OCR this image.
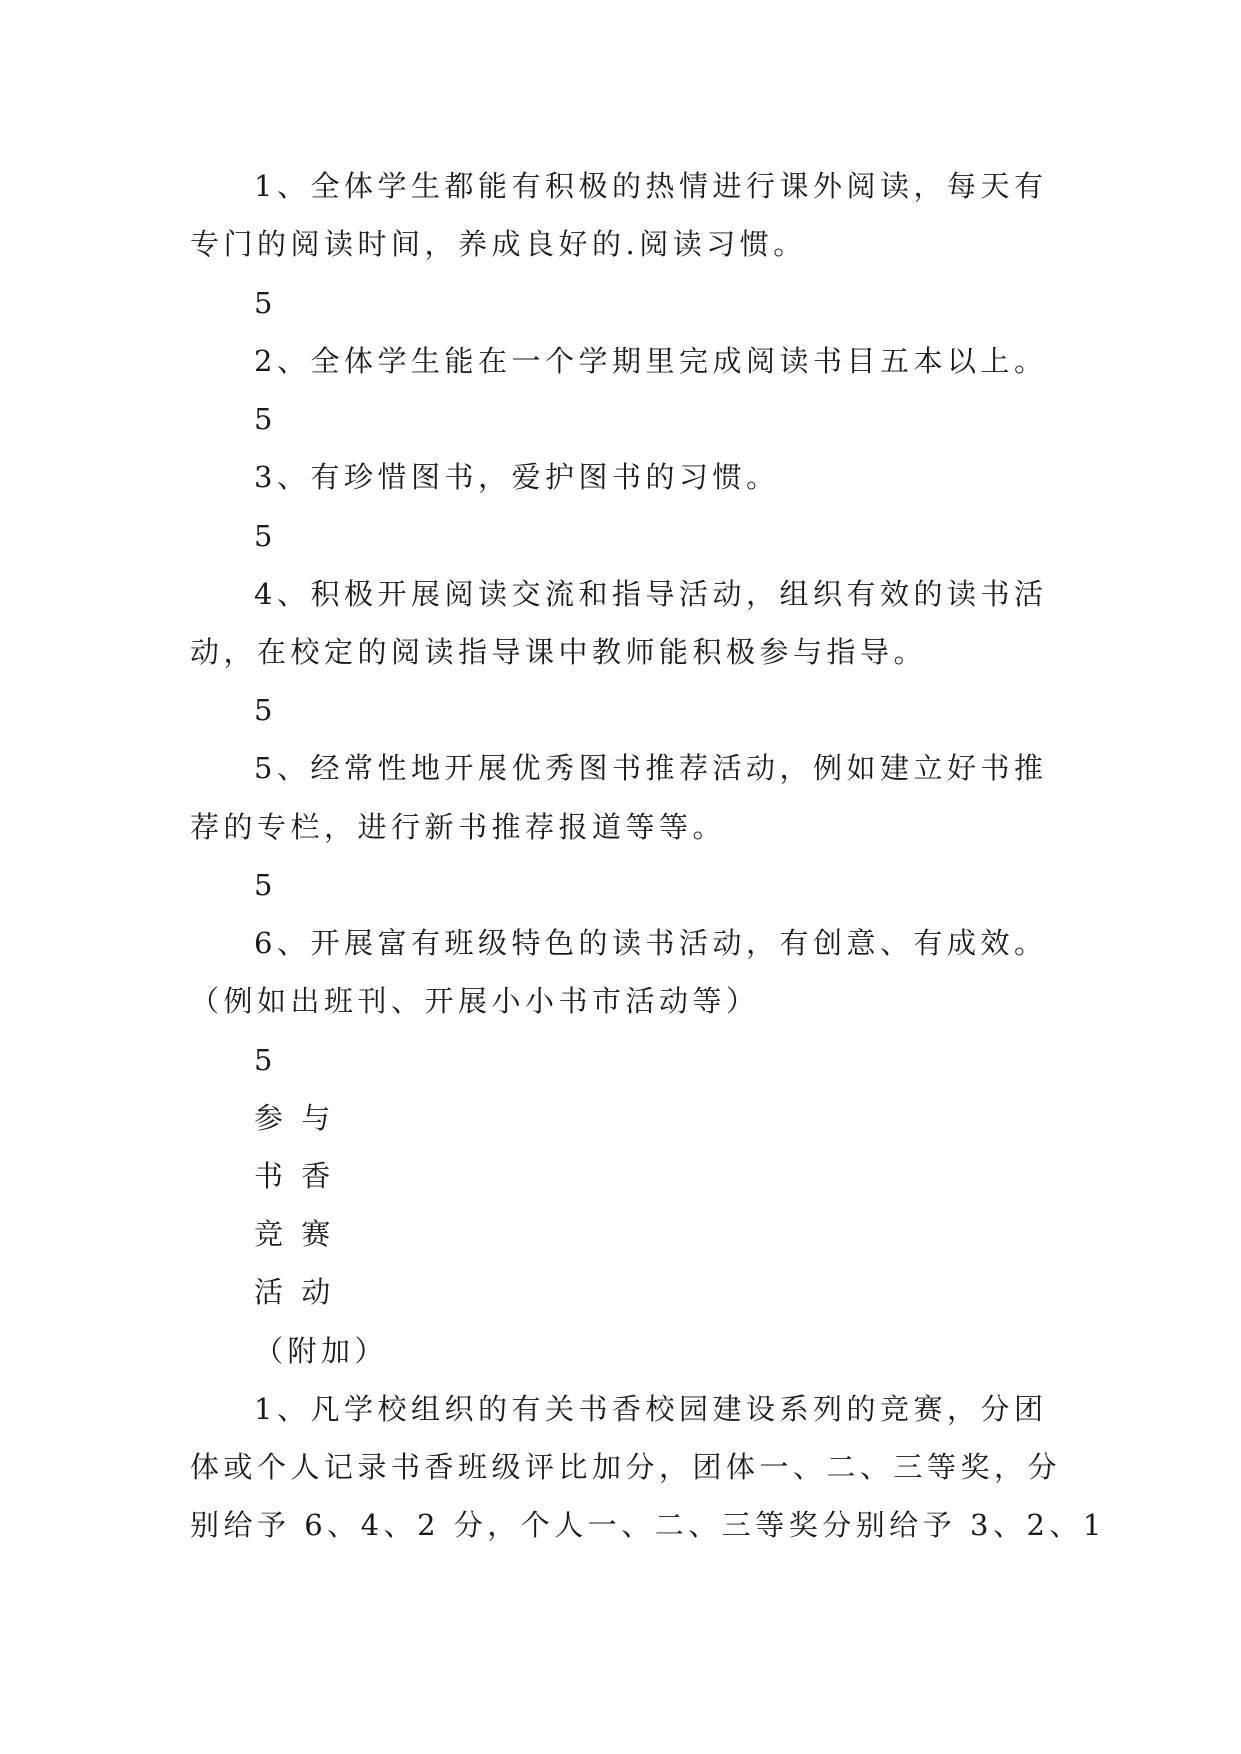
1、全体学生都能有积极的热情进行课外阅读，每天有
专门的阅读时间，养成良好的.阅读习惯。
5
2、全体学生能在一个学期里完成阅读书目五本以上。
5
3、有珍惜图书，爱护图书的习惯。
5
4、积极开展阅读交流和指导活动，组织有效的读书活
动，在校定的阅读指导课中教师能积极参与指导。
5
5、经常性地开展优秀图书推荐活动，例如建立好书推
荐的专栏，进行新书推荐报道等等。
5
6、开展富有班级特色的读书活动，有创意、有成效。
（例如出班刊、开展小小书市活动等）
5
参 与
书 香
竞 赛
活 动
（附加）
1、凡学校组织的有关书香校园建设系列的竞赛，分团
体或个人记录书香班级评比加分，团体一、二、三等奖，分
别给予 6、4、2 分，个人一、二、三等奖分别给予 3、2、1
